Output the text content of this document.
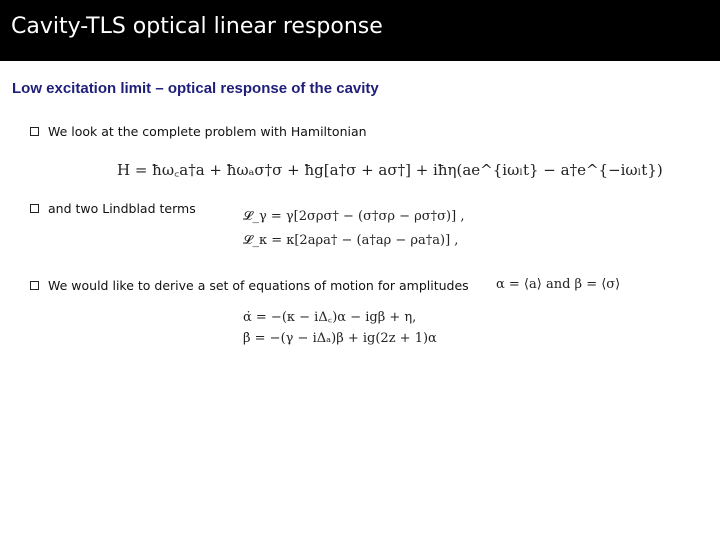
Cavity-TLS optical linear response
Low excitation limit – optical response of the cavity
We look at the complete problem with Hamiltonian
H = ħω꜀a†a + ħωₐσ†σ + ħg[a†σ + aσ†] + iħη(ae^{iωₗt} − a†e^{−iωₗt})
and two Lindblad terms
𝓛_γ = γ[2σρσ† − (σ†σρ − ρσ†σ)] ,
𝓛_κ = κ[2aρa† − (a†aρ − ρa†a)] ,
We would like to derive a set of equations of motion for amplitudes α = ⟨a⟩ and β = ⟨σ⟩
α̇ = −(κ − iΔ꜀)α − igβ + η,
β̇ = −(γ − iΔₐ)β + ig(2z + 1)α
